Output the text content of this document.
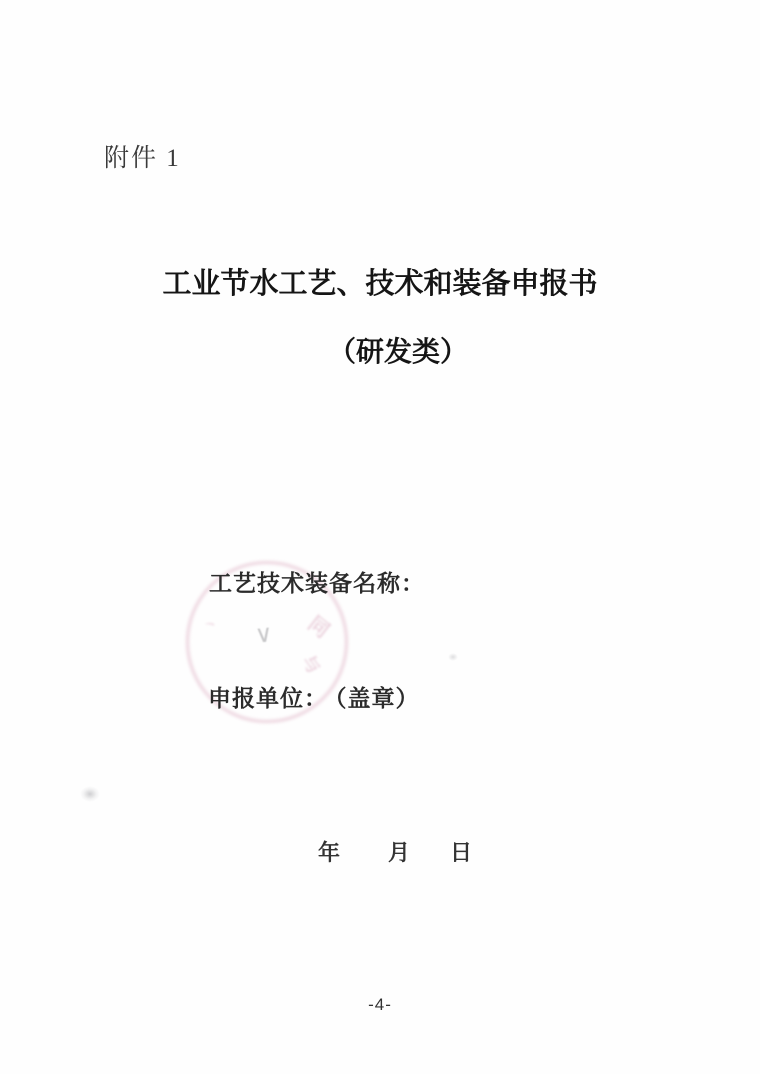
附件 1
工业节水工艺、技术和装备申报书
（研发类）
同
与
丶 ∨
工艺技术装备名称：
申报单位： （盖章）
年 月 日
-4-
